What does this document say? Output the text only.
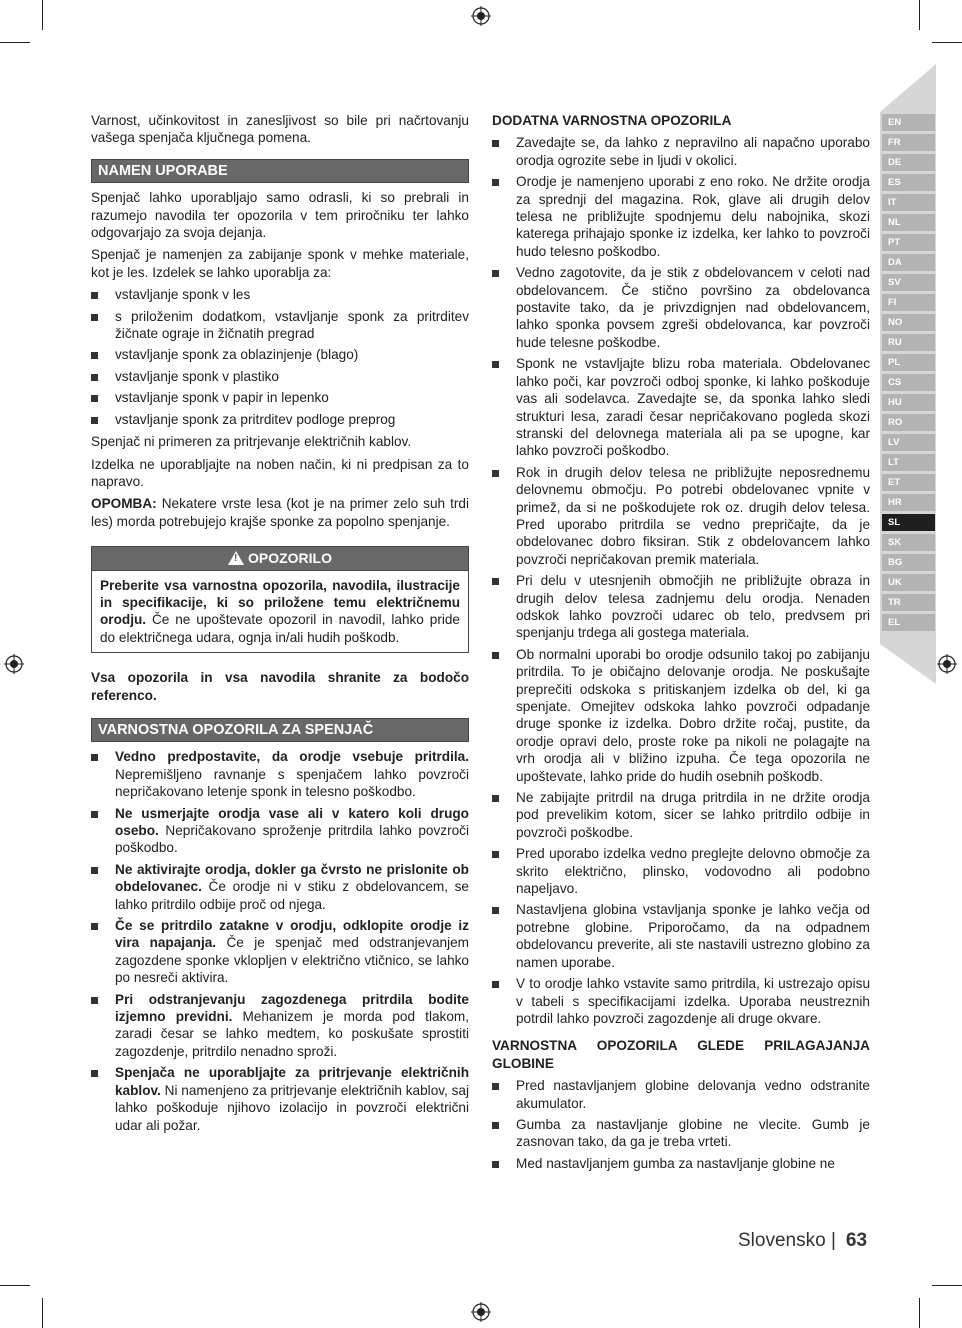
EN
FR
DE
ES
IT
NL
PT
DA
SV
FI
NO
RU
PL
CS
HU
RO
LV
LT
ET
HR
SL
SK
BG
UK
TR
EL

Varnost, učinkovitost in zanesljivost so bile pri načrtovanju vašega spenjača ključnega pomena.

NAMEN UPORABE

Spenjač lahko uporabljajo samo odrasli, ki so prebrali in razumejo navodila ter opozorila v tem priročniku ter lahko odgovarjajo za svoja dejanja.

Spenjač je namenjen za zabijanje sponk v mehke materiale, kot je les. Izdelek se lahko uporablja za:

vstavljanje sponk v les
s priloženim dodatkom, vstavljanje sponk za pritrditev žičnate ograje in žičnatih pregrad
vstavljanje sponk za oblazinjenje (blago)
vstavljanje sponk v plastiko
vstavljanje sponk v papir in lepenko
vstavljanje sponk za pritrditev podloge preprog

Spenjač ni primeren za pritrjevanje električnih kablov.

Izdelka ne uporabljajte na noben način, ki ni predpisan za to napravo.

OPOMBA: Nekatere vrste lesa (kot je na primer zelo suh trdi les) morda potrebujejo krajše sponke za popolno spenjanje.

! OPOZORILO
Preberite vsa varnostna opozorila, navodila, ilustracije in specifikacije, ki so priložene temu električnemu orodju. Če ne upoštevate opozoril in navodil, lahko pride do električnega udara, ognja in/ali hudih poškodb.

Vsa opozorila in vsa navodila shranite za bodočo referenco.

VARNOSTNA OPOZORILA ZA SPENJAČ
Vedno predpostavite, da orodje vsebuje pritrdila. Nepremišljeno ravnanje s spenjačem lahko povzroči nepričakovano letenje sponk in telesno poškodbo.
Ne usmerjajte orodja vase ali v katero koli drugo osebo. Nepričakovano sproženje pritrdila lahko povzroči poškodbo.
Ne aktivirajte orodja, dokler ga čvrsto ne prislonite ob obdelovanec. Če orodje ni v stiku z obdelovancem, se lahko pritrdilo odbije proč od njega.
Če se pritrdilo zatakne v orodju, odklopite orodje iz vira napajanja. Če je spenjač med odstranjevanjem zagozdene sponke vklopljen v električno vtičnico, se lahko po nesreči aktivira.
Pri odstranjevanju zagozdenega pritrdila bodite izjemno previdni. Mehanizem je morda pod tlakom, zaradi česar se lahko medtem, ko poskušate sprostiti zagozdenje, pritrdilo nenadno sproži.
Spenjača ne uporabljajte za pritrjevanje električnih kablov. Ni namenjeno za pritrjevanje električnih kablov, saj lahko poškoduje njihovo izolacijo in povzroči električni udar ali požar.

DODATNA VARNOSTNA OPOZORILA

Zavedajte se, da lahko z nepravilno ali napačno uporabo orodja ogrozite sebe in ljudi v okolici.
Orodje je namenjeno uporabi z eno roko. Ne držite orodja za sprednji del magazina. Rok, glave ali drugih delov telesa ne približujte spodnjemu delu nabojnika, skozi katerega prihajajo sponke iz izdelka, ker lahko to povzroči hudo telesno poškodbo.
Vedno zagotovite, da je stik z obdelovancem v celoti nad obdelovancem. Če stično površino za obdelovanca postavite tako, da je privzdignjen nad obdelovancem, lahko sponka povsem zgreši obdelovanca, kar povzroči hude telesne poškodbe.
Sponk ne vstavljajte blizu roba materiala. Obdelovanec lahko poči, kar povzroči odboj sponke, ki lahko poškoduje vas ali sodelavca. Zavedajte se, da sponka lahko sledi strukturi lesa, zaradi česar nepričakovano pogleda skozi stranski del delovnega materiala ali pa se upogne, kar lahko povzroči poškodbo.
Rok in drugih delov telesa ne približujte neposrednemu delovnemu območju. Po potrebi obdelovanec vpnite v primež, da si ne poškodujete rok oz. drugih delov telesa. Pred uporabo pritrdila se vedno prepričajte, da je obdelovanec dobro fiksiran. Stik z obdelovancem lahko povzroči nepričakovan premik materiala.
Pri delu v utesnjenih območjih ne približujte obraza in drugih delov telesa zadnjemu delu orodja. Nenaden odskok lahko povzroči udarec ob telo, predvsem pri spenjanju trdega ali gostega materiala.
Ob normalni uporabi bo orodje odsunilo takoj po zabijanju pritrdila. To je običajno delovanje orodja. Ne poskušajte preprečiti odskoka s pritiskanjem izdelka ob del, ki ga spenjate. Omejitev odskoka lahko povzroči odpadanje druge sponke iz izdelka. Dobro držite ročaj, pustite, da orodje opravi delo, proste roke pa nikoli ne polagajte na vrh orodja ali v bližino izpuha. Če tega opozorila ne upoštevate, lahko pride do hudih osebnih poškodb.
Ne zabijajte pritrdil na druga pritrdila in ne držite orodja pod prevelikim kotom, sicer se lahko pritrdilo odbije in povzroči poškodbe.
Pred uporabo izdelka vedno preglejte delovno območje za skrito električno, plinsko, vodovodno ali podobno napeljavo.
Nastavljena globina vstavljanja sponke je lahko večja od potrebne globine. Priporočamo, da na odpadnem obdelovancu preverite, ali ste nastavili ustrezno globino za namen uporabe.
V to orodje lahko vstavite samo pritrdila, ki ustrezajo opisu v tabeli s specifikacijami izdelka. Uporaba neustreznih potrdil lahko povzroči zagozdenje ali druge okvare.

VARNOSTNA OPOZORILA GLEDE PRILAGAJANJA GLOBINE

Pred nastavljanjem globine delovanja vedno odstranite akumulator.
Gumba za nastavljanje globine ne vlecite. Gumb je zasnovan tako, da ga je treba vrteti.
Med nastavljanjem gumba za nastavljanje globine ne
Slovensko | 63
